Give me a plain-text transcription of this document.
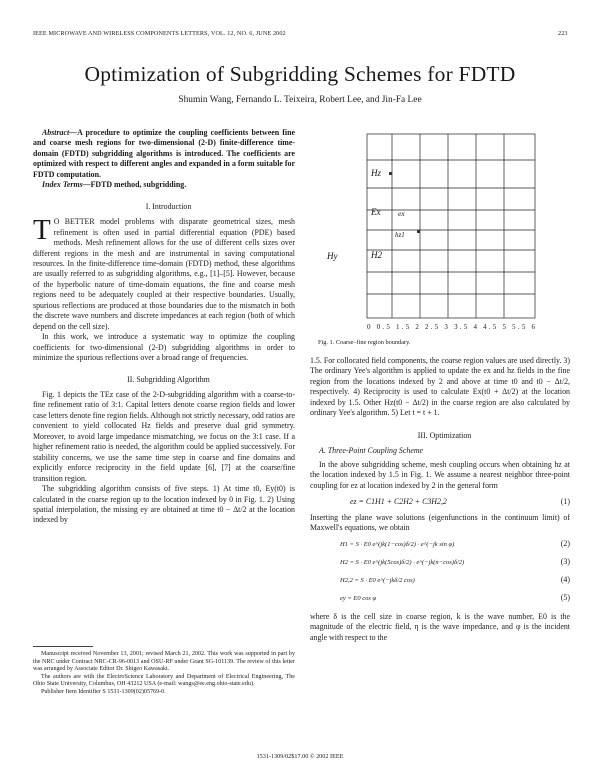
IEEE MICROWAVE AND WIRELESS COMPONENTS LETTERS, VOL. 12, NO. 6, JUNE 2002	223
Optimization of Subgridding Schemes for FDTD
Shumin Wang, Fernando L. Teixeira, Robert Lee, and Jin-Fa Lee

Abstract—A procedure to optimize the coupling coefficients between fine and coarse mesh regions for two-dimensional (2-D) finite-difference time-domain (FDTD) subgridding algorithms is introduced. The coefficients are optimized with respect to different angles and expanded in a form suitable for FDTD computation.

Index Terms—FDTD method, subgridding.

I. Introduction

T O BETTER model problems with disparate geometrical sizes, mesh refinement is often used in partial differential equation (PDE) based methods. Mesh refinement allows for the use of different cells sizes over different regions in the mesh and are instrumental in saving computational resources. In the finite-difference time-domain (FDTD) method, these algorithms are usually referred to as subgridding algorithms, e.g., [1]–[5]. However, because of the hyperbolic nature of time-domain equations, the fine and coarse mesh regions need to be adequately coupled at their respective boundaries. Usually, spurious reflections are produced at those boundaries due to the mismatch in both the discrete wave numbers and discrete impedances at each region (both of which depend on the cell size).

In this work, we introduce a systematic way to optimize the coupling coefficients for two-dimensional (2-D) subgridding algorithms in order to minimize the spurious reflections over a broad range of frequencies.

II. Subgridding Algorithm

Fig. 1 depicts the TEz case of the 2-D-subgridding algorithm with a coarse-to-fine refinement ratio of 3:1. Capital letters denote coarse region fields and lower case letters denote fine region fields. Although not strictly necessary, odd ratios are convenient to yield collocated Hz fields and preserve dual grid symmetry. Moreover, to avoid large impedance mismatching, we focus on the 3:1 case. If a higher refinement ratio is needed, the algorithm could be applied successively. For stability concerns, we use the same time step in coarse and fine domains and explicitly enforce reciprocity in the field update [6], [7] at the coarse/fine transition region.

The subgridding algorithm consists of five steps. 1) At time t0, Ey(t0) is calculated in the coarse region up to the location indexed by 0 in Fig. 1. 2) Using spatial interpolation, the missing ey are obtained at time t0 − Δt/2 at the location indexed by

Manuscript received November 13, 2001; revised March 21, 2002. This work was supported in part by the NRC under Contract NRC-CR-96-0013 and OSU-RF under Grant SG-101139. The review of this letter was arranged by Associate Editor Dr. Shigeo Kawasaki.

The authors are with the ElectroScience Laboratory and Department of Electrical Engineering, The Ohio State University, Columbus, OH 43212 USA (e-mail: wangs@ee.eng.ohio-state.edu).

Publisher Item Identifier S 1531-1309(02)05769-0.

Hz
Ex ex
hz1
Hy	H2
0 0.5 1.5 2 2.5 3 3.5 4 4.5 5 5.5 6
Fig. 1. Coarse–fine region boundary.

1.5. For collocated field components, the coarse region values are used directly. 3) The ordinary Yee's algorithm is applied to update the ex and hz fields in the fine region from the locations indexed by 2 and above at time t0 and t0 − Δt/2, respectively. 4) Reciprocity is used to calculate Ex(t0 + Δt/2) at the location indexed by 1.5. Other Hz(t0 − Δt/2) in the coarse region are also calculated by ordinary Yee's algorithm. 5) Let t = t + 1.

III. Optimization

A. Three-Point Coupling Scheme

In the above subgridding scheme, mesh coupling occurs when obtaining hz at the location indexed by 1.5 in Fig. 1. We assume a nearest neighbor three-point coupling for ez at location indexed by 2 in the general form

ez = C1H1 + C2H2 + C3H2,2	(1)

Inserting the plane wave solutions (eigenfunctions in the continuum limit) of Maxwell's equations, we obtain

H1 = S · E0 e^(jk(1−cos)δ/2) · e^(−jk sin φ)	(2)
H2 = S · E0 e^(jk(5cos)δ/2) · e^(−jk(n−cos)δ/2)	(3)
H2,2 = S · E0 e^(−jkδ/2 cos)	(4)
ey = E0 cos φ	(5)

where δ is the cell size in coarse region, k is the wave number, E0 is the magnitude of the electric field, η is the wave impedance, and φ is the incident angle with respect to the

1531-1309/02$17.00 © 2002 IEEE
